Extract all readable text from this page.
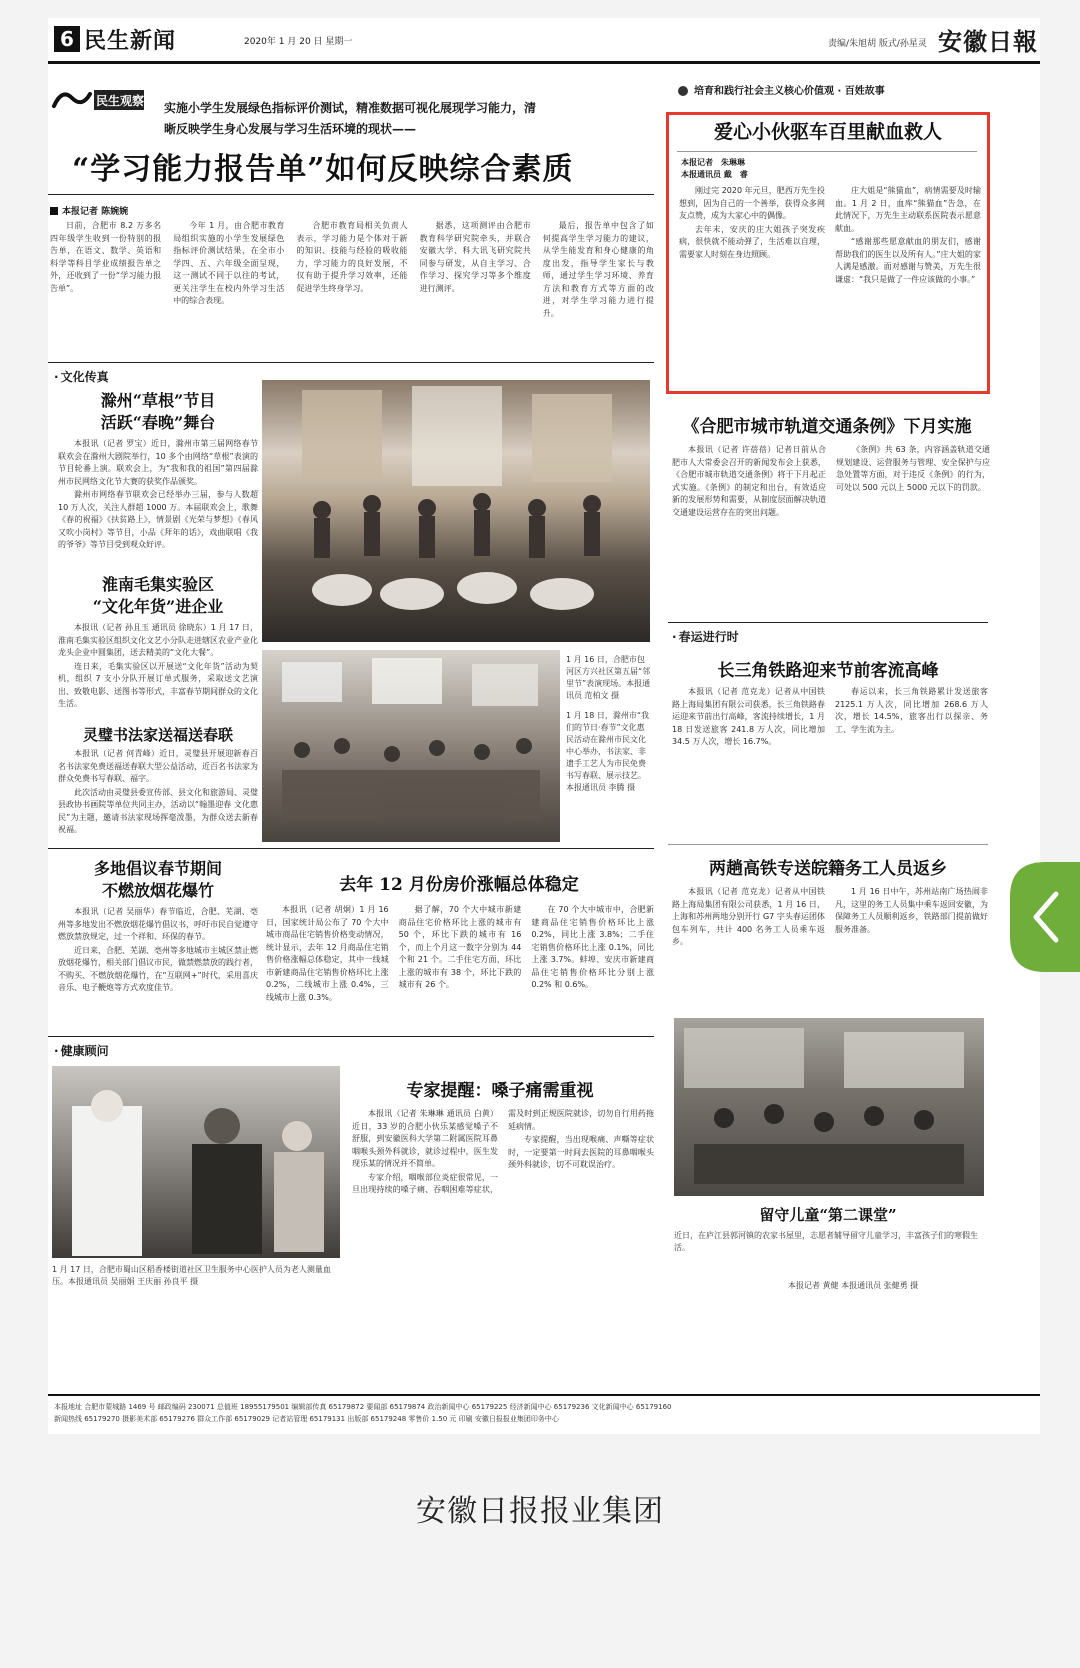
6 民生新闻	2020年 1 月 20 日 星期一	责编/朱旭胡 版式/孙星灵 安徽日報
民生观察 实施小学生发展绿色指标评价测试，精准数据可视化展现学习能力，清晰反映学生身心发展与学习生活环境的现状——
“学习能力报告单”如何反映综合素质
本报记者 陈婉婉

日前，合肥市 8.2 万多名四年级学生收到一份特别的报告单，在语文、数学、英语和科学等科目学业成绩报告单之外，还收到了一份“学习能力报告单”。

今年 1 月，由合肥市教育局组织实施的小学生发展绿色指标评价测试结果，在全市小学四、五、六年级全面呈现，这一测试不同于以往的考试，更关注学生在校内外学习生活中的综合表现。

合肥市教育局相关负责人表示，学习能力是个体对于新的知识、技能与经验的吸收能力，学习能力的良好发展，不仅有助于提升学习效率，还能促进学生终身学习。

据悉，这项测评由合肥市教育科学研究院牵头，并联合安徽大学、科大讯飞研究院共同参与研发，从自主学习、合作学习、探究学习等多个维度进行测评。

最后，报告单中包含了如何提高学生学习能力的建议，从学生能发育和身心健康的角度出发，指导学生家长与教师，通过学生学习环境、养育方法和教育方式等方面的改进，对学生学习能力进行提升。

培育和践行社会主义核心价值观 · 百姓故事
爱心小伙驱车百里献血救人
本报记者　朱琳琳
本报通讯员 戴　睿

刚过完 2020 年元旦，肥西万先生投想到，因为自己的一个善举，获得众多网友点赞，成为大家心中的偶像。

去年末，安庆的庄大姐孩子突发疾病，很快就不能动弹了，生活难以自理，需要家人时刻在身边照顾。

庄大姐是“熊猫血”，病情需要及时输血。1 月 2 日，血库“熊猫血”告急，在此情况下，万先生主动联系医院表示愿意献血。

“感谢那些愿意献血的朋友们，感谢帮助我们的医生以及所有人。”庄大姐的家人满是感激。面对感谢与赞美，万先生很谦虚：“我只是做了一件应该做的小事。”

《合肥市城市轨道交通条例》下月实施

本报讯（记者 许蓓蓓）记者日前从合肥市人大常委会召开的新闻发布会上获悉，《合肥市城市轨道交通条例》将于下月起正式实施。《条例》的制定和出台，有效适应新的发展形势和需要，从制度层面解决轨道交通建设运营存在的突出问题。

《条例》共 63 条，内容涵盖轨道交通规划建设、运营服务与管理、安全保护与应急处置等方面，对于违反《条例》的行为，可处以 500 元以上 5000 元以下的罚款。

· 文化传真
滁州“草根”节目
活跃“春晚”舞台

本报讯（记者 罗宝）近日，滁州市第三届网络春节联欢会在滁州大剧院举行，10 多个由网络“草根”表演的节目轮番上演。联欢会上，为“我和我的祖国”第四届滁州市民网络文化节大赛的获奖作品颁奖。

滁州市网络春节联欢会已经举办三届，参与人数超 10 万人次，关注人群超 1000 万。本届联欢会上，歌舞《春的祝福》《扶贫路上》，情景剧《光荣与梦想》《春风又吹小岗村》等节目，小品《拜年的话》，戏曲联唱《我的爷爷》等节目受到观众好评。

淮南毛集实验区
“文化年货”进企业

本报讯（记者 孙且玉 通讯员 徐晓东）1 月 17 日，淮南毛集实验区组织文化文艺小分队走进辖区农业产业化龙头企业中圆集团，送去精美的“文化大餐”。

连日来，毛集实验区以开展送“文化年货”活动为契机，组织 7 支小分队开展订单式服务，采取送文艺演出、致敬电影、送图书等形式，丰富春节期间群众的文化生活。

灵璧书法家送福送春联

本报讯（记者 何青峰）近日，灵璧县开展迎新春百名书法家免费送福送春联大型公益活动，近百名书法家为群众免费书写春联、福字。

此次活动由灵璧县委宣传部、县文化和旅游局、灵璧县政协书画院等单位共同主办，活动以“翰墨迎春 文化惠民”为主题，邀请书法家现场挥毫泼墨，为群众送去新春祝福。

1 月 16 日，合肥市包河区方兴社区第五届“邻里节”表演现场。本报通讯员 范柏文 摄

1 月 18 日，滁州市“我们的节日·春节”文化惠民活动在滁州市民文化中心举办，书法家、非遗手工艺人为市民免费书写春联、展示技艺。本报通讯员 李腾 摄

· 春运进行时
长三角铁路迎来节前客流高峰

本报讯（记者 范克龙）记者从中国铁路上海局集团有限公司获悉，长三角铁路春运迎来节前出行高峰，客流持续增长，1 月 18 日发送旅客 241.8 万人次，同比增加 34.5 万人次，增长 16.7%。

春运以来，长三角铁路累计发送旅客 2125.1 万人次，同比增加 268.6 万人次，增长 14.5%，旅客出行以探亲、务工、学生流为主。

两趟高铁专送皖籍务工人员返乡

本报讯（记者 范克龙）记者从中国铁路上海局集团有限公司获悉，1 月 16 日，上海和苏州两地分别开行 G7 字头春运团体包车列车，共计 400 名务工人员乘车返乡。

1 月 16 日中午，苏州站南广场热闹非凡，这里的务工人员集中乘车返回安徽，为保障务工人员顺利返乡，铁路部门提前做好服务准备。

多地倡议春节期间
不燃放烟花爆竹

本报讯（记者 吴丽华）春节临近，合肥、芜湖、亳州等多地发出不燃放烟花爆竹倡议书，呼吁市民自觉遵守燃放禁放规定，过一个祥和、环保的春节。

近日来，合肥、芜湖、亳州等多地城市主城区禁止燃放烟花爆竹，相关部门倡议市民，做禁燃禁放的践行者，不购买、不燃放烟花爆竹，在“互联网+”时代，采用喜庆音乐、电子鞭炮等方式欢度佳节。

去年 12 月份房价涨幅总体稳定

本报讯（记者 胡炯）1 月 16 日，国家统计局公布了 70 个大中城市商品住宅销售价格变动情况，统计显示，去年 12 月商品住宅销售价格涨幅总体稳定，其中一线城市新建商品住宅销售价格环比上涨 0.2%，二线城市上涨 0.4%，三线城市上涨 0.3%。

据了解，70 个大中城市新建商品住宅价格环比上涨的城市有 50 个，环比下跌的城市有 16 个，而上个月这一数字分别为 44 个和 21 个。二手住宅方面，环比上涨的城市有 38 个，环比下跌的城市有 26 个。

在 70 个大中城市中，合肥新建商品住宅销售价格环比上涨 0.2%，同比上涨 3.8%；二手住宅销售价格环比上涨 0.1%，同比上涨 3.7%。蚌埠、安庆市新建商品住宅销售价格环比分别上涨 0.2% 和 0.6%。

· 健康顾问
1 月 17 日，合肥市蜀山区稻香楼街道社区卫生服务中心医护人员为老人测量血压。本报通讯员 吴丽娟 王庆丽 孙良平 摄
专家提醒：嗓子痛需重视

本报讯（记者 朱琳琳 通讯员 白黄）近日，33 岁的合肥小伙乐某感觉嗓子不舒服，到安徽医科大学第二附属医院耳鼻咽喉头颈外科就诊，就诊过程中，医生发现乐某的情况并不简单。

专家介绍，咽喉部位炎症很常见，一旦出现持续的嗓子痛、吞咽困难等症状，需及时到正规医院就诊，切勿自行用药拖延病情。

专家提醒，当出现喉痛、声嘶等症状时，一定要第一时间去医院的耳鼻咽喉头颈外科就诊，切不可耽误治疗。

留守儿童“第二课堂”
近日，在庐江县郭河镇的农家书屋里，志愿者辅导留守儿童学习，丰富孩子们的寒假生活。
本报记者 黄健 本报通讯员 张健勇 摄
本报地址 合肥市蒙城路 1469 号 邮政编码 230071 总值班 18955179501 编辑部传真 65179872 要闻部 65179874 政治新闻中心 65179225 经济新闻中心 65179236 文化新闻中心 65179160
新闻热线 65179270 摄影美术部 65179276 群众工作部 65179029 记者站管理 65179131 出版部 65179248 零售价 1.50 元 印刷 安徽日报报业集团印务中心
安徽日报报业集团
